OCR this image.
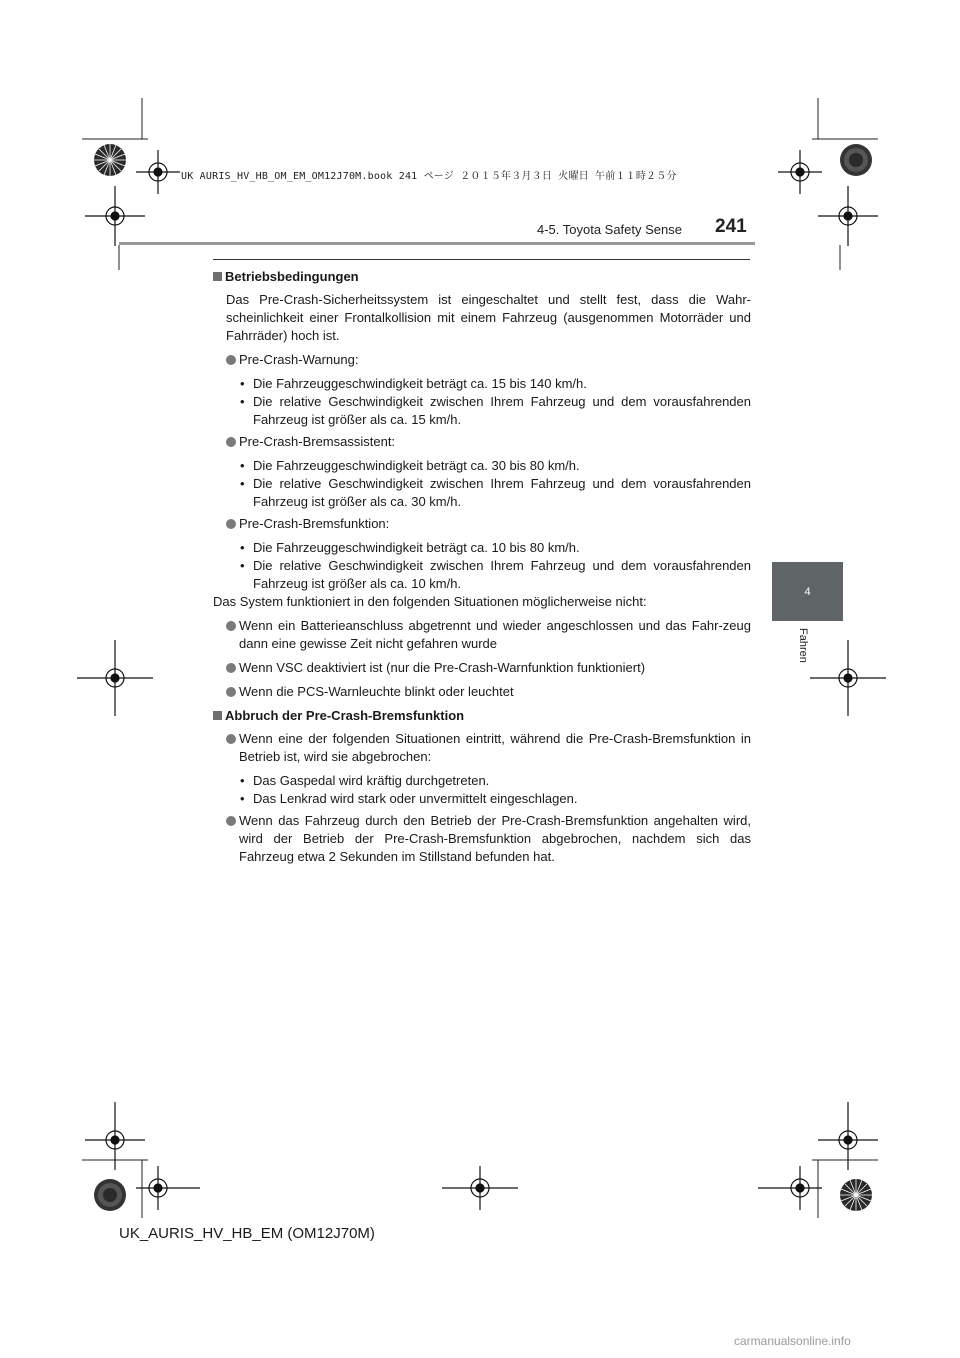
UK AURIS_HV_HB_OM_EM_OM12J70M.book 241 ページ ２０１５年３月３日 火曜日 午前１１時２５分
4-5. Toyota Safety Sense 241
4
Fahren
Betriebsbedingungen
Das Pre-Crash-Sicherheitssystem ist eingeschaltet und stellt fest, dass die Wahr-scheinlichkeit einer Frontalkollision mit einem Fahrzeug (ausgenommen Motorräder und Fahrräder) hoch ist.
Pre-Crash-Warnung:
• Die Fahrzeuggeschwindigkeit beträgt ca. 15 bis 140 km/h.
• Die relative Geschwindigkeit zwischen Ihrem Fahrzeug und dem vorausfahrenden Fahrzeug ist größer als ca. 15 km/h.
Pre-Crash-Bremsassistent:
• Die Fahrzeuggeschwindigkeit beträgt ca. 30 bis 80 km/h.
• Die relative Geschwindigkeit zwischen Ihrem Fahrzeug und dem vorausfahrenden Fahrzeug ist größer als ca. 30 km/h.
Pre-Crash-Bremsfunktion:
• Die Fahrzeuggeschwindigkeit beträgt ca. 10 bis 80 km/h.
• Die relative Geschwindigkeit zwischen Ihrem Fahrzeug und dem vorausfahrenden Fahrzeug ist größer als ca. 10 km/h.
Das System funktioniert in den folgenden Situationen möglicherweise nicht:
Wenn ein Batterieanschluss abgetrennt und wieder angeschlossen und das Fahr-zeug dann eine gewisse Zeit nicht gefahren wurde
Wenn VSC deaktiviert ist (nur die Pre-Crash-Warnfunktion funktioniert)
Wenn die PCS-Warnleuchte blinkt oder leuchtet
Abbruch der Pre-Crash-Bremsfunktion
Wenn eine der folgenden Situationen eintritt, während die Pre-Crash-Bremsfunktion in Betrieb ist, wird sie abgebrochen:
• Das Gaspedal wird kräftig durchgetreten.
• Das Lenkrad wird stark oder unvermittelt eingeschlagen.
Wenn das Fahrzeug durch den Betrieb der Pre-Crash-Bremsfunktion angehalten wird, wird der Betrieb der Pre-Crash-Bremsfunktion abgebrochen, nachdem sich das Fahrzeug etwa 2 Sekunden im Stillstand befunden hat.
UK_AURIS_HV_HB_EM (OM12J70M)
carmanualsonline.info
